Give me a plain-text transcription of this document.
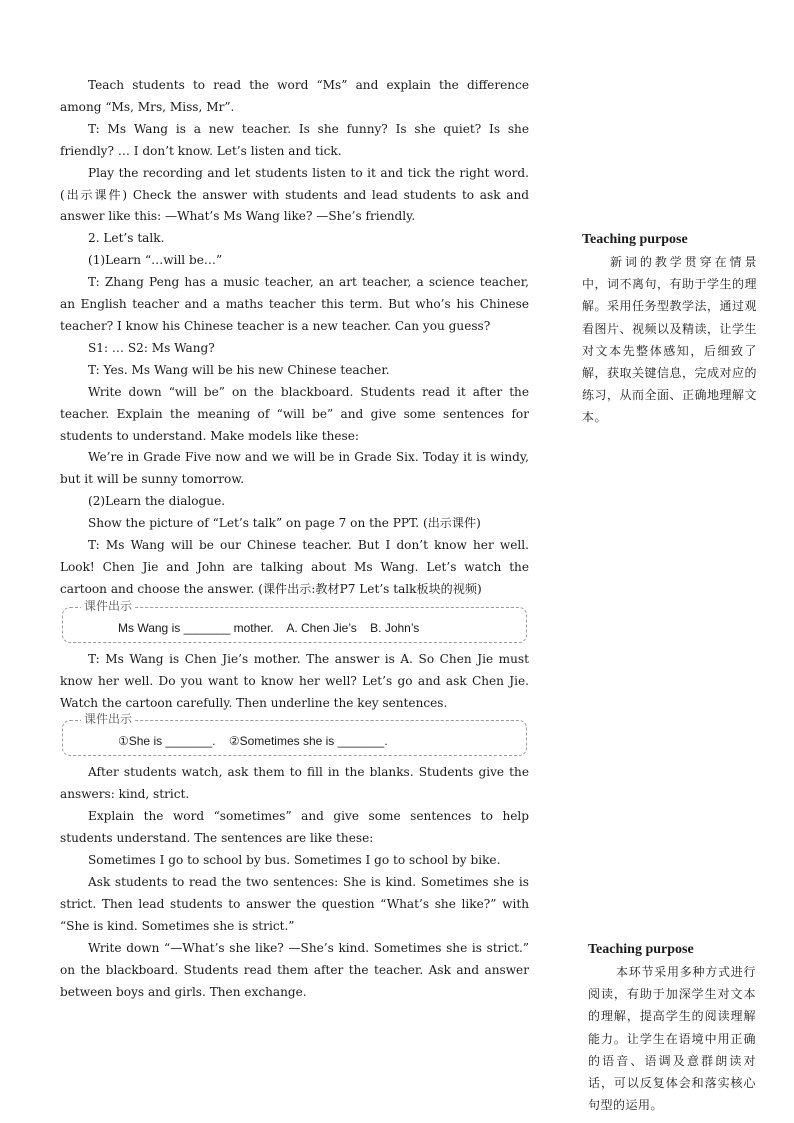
Teach students to read the word “Ms” and explain the difference among “Ms, Mrs, Miss, Mr”.

T: Ms Wang is a new teacher. Is she funny? Is she quiet? Is she friendly? … I don’t know. Let’s listen and tick.

Play the recording and let students listen to it and tick the right word. (出示课件) Check the answer with students and lead students to ask and answer like this: —What’s Ms Wang like? —She’s friendly.

2. Let’s talk.

(1)Learn “…will be…”

T: Zhang Peng has a music teacher, an art teacher, a science teacher, an English teacher and a maths teacher this term. But who’s his Chinese teacher? I know his Chinese teacher is a new teacher. Can you guess?

S1: … S2: Ms Wang?

T: Yes. Ms Wang will be his new Chinese teacher.

Write down “will be” on the blackboard. Students read it after the teacher. Explain the meaning of “will be” and give some sentences for students to understand. Make models like these:

We’re in Grade Five now and we will be in Grade Six. Today it is windy, but it will be sunny tomorrow.

(2)Learn the dialogue.

Show the picture of “Let’s talk” on page 7 on the PPT. (出示课件)

T: Ms Wang will be our Chinese teacher. But I don’t know her well. Look! Chen Jie and John are talking about Ms Wang. Let’s watch the cartoon and choose the answer. (课件出示:教材P7 Let’s talk板块的视频)

课件出示
Ms Wang is _______ mother. A. Chen Jie’s B. John’s

T: Ms Wang is Chen Jie’s mother. The answer is A. So Chen Jie must know her well. Do you want to know her well? Let’s go and ask Chen Jie. Watch the cartoon carefully. Then underline the key sentences.

课件出示
①She is _______. ②Sometimes she is _______.

After students watch, ask them to fill in the blanks. Students give the answers: kind, strict.

Explain the word “sometimes” and give some sentences to help students understand. The sentences are like these:

Sometimes I go to school by bus. Sometimes I go to school by bike.

Ask students to read the two sentences: She is kind. Sometimes she is strict. Then lead students to answer the question “What’s she like?” with “She is kind. Sometimes she is strict.”

Write down “—What’s she like? —She’s kind. Sometimes she is strict.” on the blackboard. Students read them after the teacher. Ask and answer between boys and girls. Then exchange.

Teaching purpose

新词的教学贯穿在情景中，词不离句，有助于学生的理解。采用任务型教学法，通过观看图片、视频以及精读，让学生对文本先整体感知，后细致了解，获取关键信息，完成对应的练习，从而全面、正确地理解文本。

Teaching purpose

本环节采用多种方式进行阅读，有助于加深学生对文本的理解，提高学生的阅读理解能力。让学生在语境中用正确的语音、语调及意群朗读对话，可以反复体会和落实核心句型的运用。
